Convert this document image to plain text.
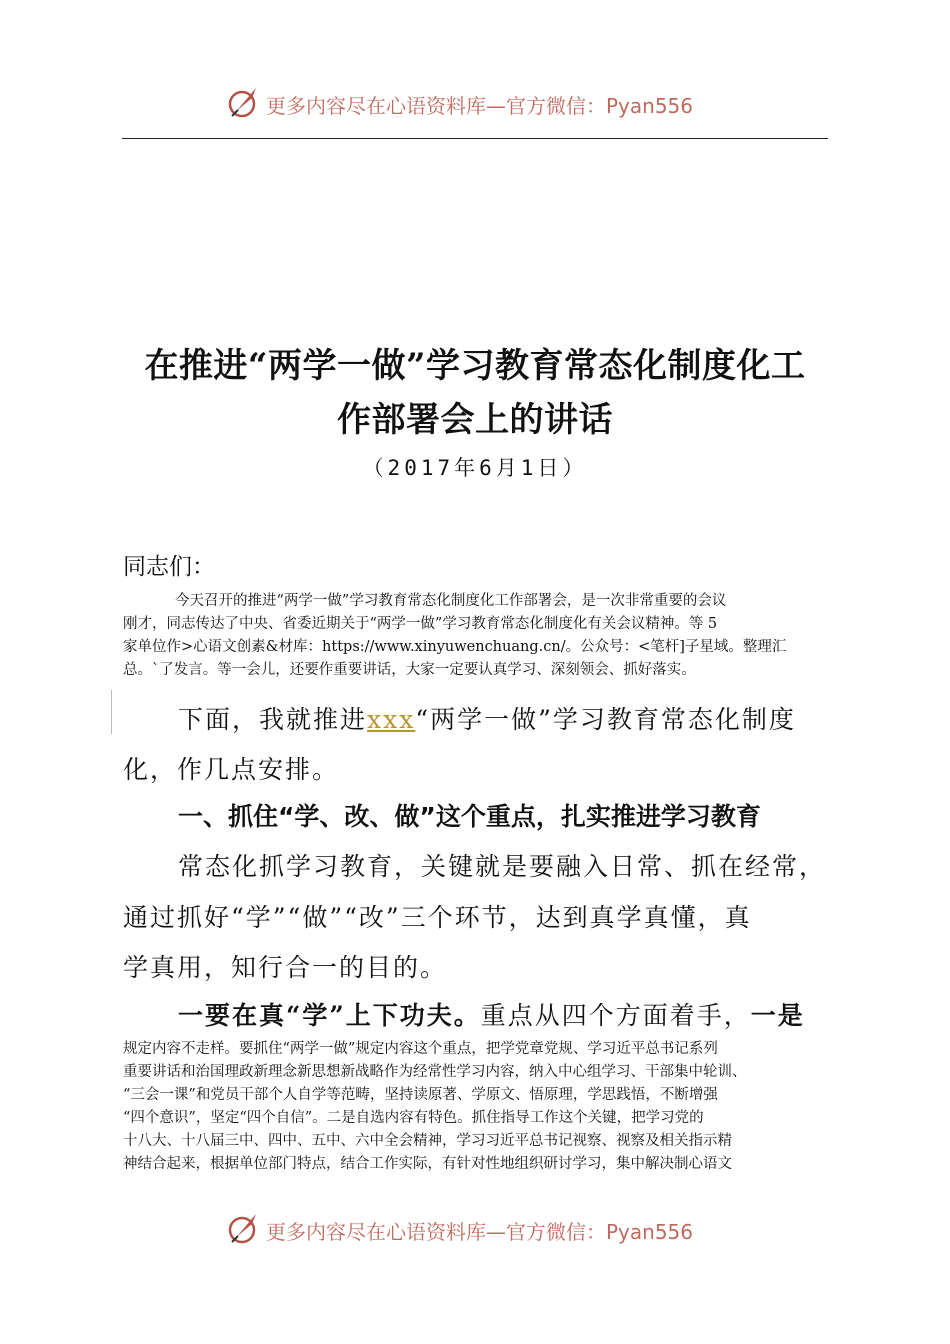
更多内容尽在心语资料库—官方微信：Pyan556
在推进“两学一做”学习教育常态化制度化工
作部署会上的讲话
（2017年6月1日）
同志们：
今天召开的推进“两学一做”学习教育常态化制度化工作部署会，是一次非常重要的会议
刚才，同志传达了中央、省委近期关于“两学一做”学习教育常态化制度化有关会议精神。等 5
家单位作>心语文创素&材库：https://www.xinyuwenchuang.cn/。公众号：<笔杆]子星域。整理汇
总。`了发言。等一会儿，还要作重要讲话，大家一定要认真学习、深刻领会、抓好落实。
下面，我就推进xxx“两学一做”学习教育常态化制度
化，作几点安排。
一、抓住“学、改、做”这个重点，扎实推进学习教育
常态化抓学习教育，关键就是要融入日常、抓在经常，
通过抓好“学”“做”“改”三个环节，达到真学真懂，真
学真用，知行合一的目的。
一要在真“学”上下功夫。重点从四个方面着手，一是
规定内容不走样。要抓住“两学一做”规定内容这个重点，把学党章党规、学习近平总书记系列
重要讲话和治国理政新理念新思想新战略作为经常性学习内容，纳入中心组学习、干部集中轮训、
“三会一课”和党员干部个人自学等范畴，坚持读原著、学原文、悟原理，学思践悟，不断增强
“四个意识”，坚定“四个自信”。二是自选内容有特色。抓住指导工作这个关键，把学习党的
十八大、十八届三中、四中、五中、六中全会精神，学习习近平总书记视察、视察及相关指示精
神结合起来，根据单位部门特点，结合工作实际，有针对性地组织研讨学习，集中解决制心语文
更多内容尽在心语资料库—官方微信：Pyan556
